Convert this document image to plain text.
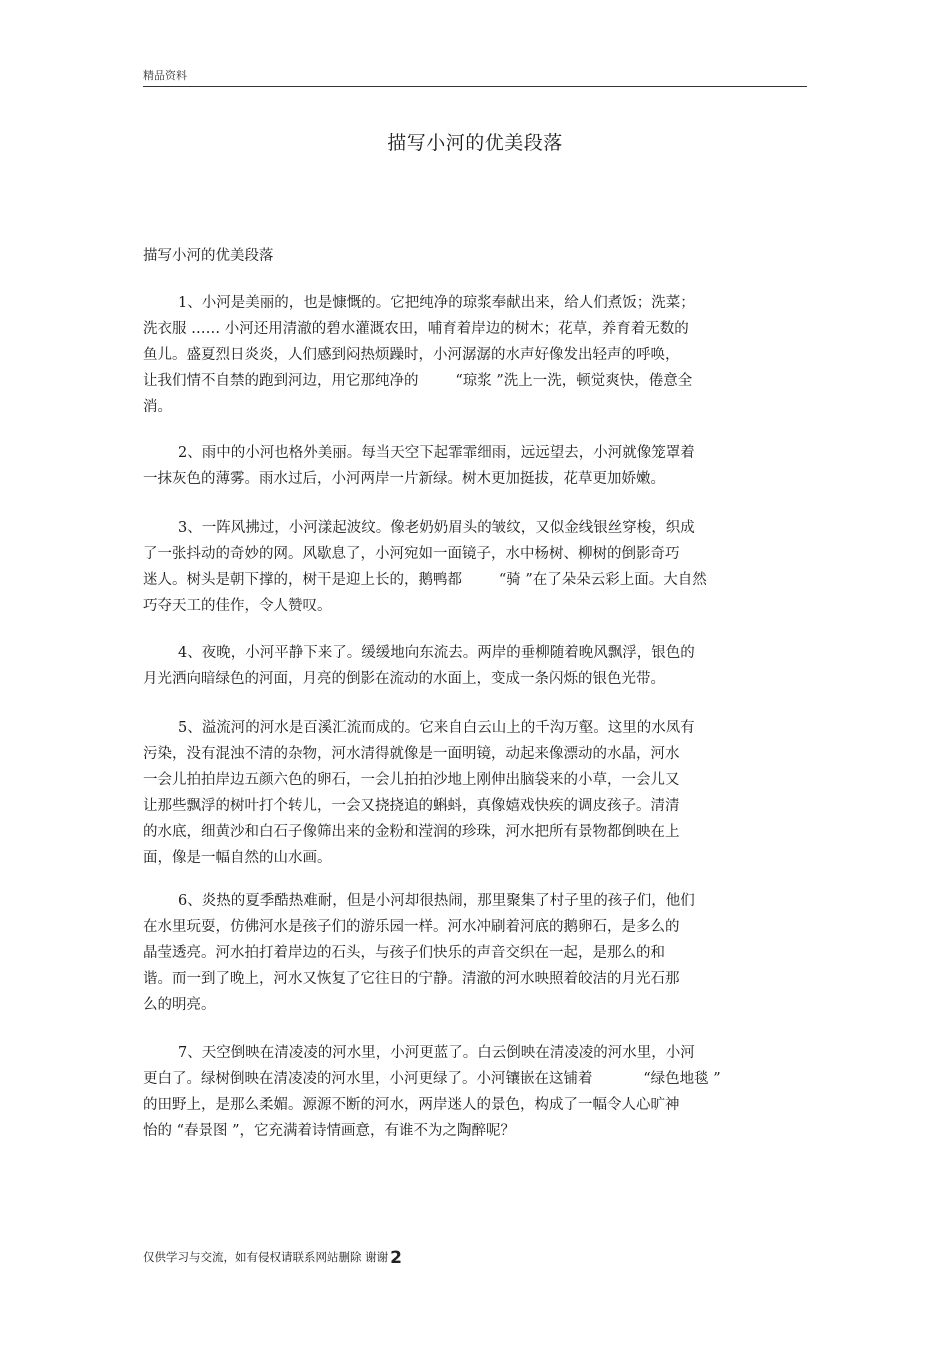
精品资料
描写小河的优美段落
描写小河的优美段落
1、小河是美丽的，也是慷慨的。它把纯净的琼浆奉献出来，给人们煮饭；洗菜；
洗衣服 …… 小河还用清澈的碧水灌溉农田，哺育着岸边的树木；花草，养育着无数的
鱼儿。盛夏烈日炎炎，人们感到闷热烦躁时，小河潺潺的水声好像发出轻声的呼唤，
让我们情不自禁的跑到河边，用它那纯净的        “琼浆 ”洗上一洗，顿觉爽快，倦意全
消。
2、雨中的小河也格外美丽。每当天空下起霏霏细雨，远远望去，小河就像笼罩着
一抹灰色的薄雾。雨水过后，小河两岸一片新绿。树木更加挺拔，花草更加娇嫩。
3、一阵风拂过，小河漾起波纹。像老奶奶眉头的皱纹，又似金线银丝穿梭，织成
了一张抖动的奇妙的网。风歇息了，小河宛如一面镜子，水中杨树、柳树的倒影奇巧
迷人。树头是朝下撑的，树干是迎上长的，鹅鸭都        “骑 ”在了朵朵云彩上面。大自然
巧夺天工的佳作，令人赞叹。
4、夜晚，小河平静下来了。缓缓地向东流去。两岸的垂柳随着晚风飘浮，银色的
月光洒向暗绿色的河面，月亮的倒影在流动的水面上，变成一条闪烁的银色光带。
5、溢流河的河水是百溪汇流而成的。它来自白云山上的千沟万壑。这里的水凤有
污染，没有混浊不清的杂物，河水清得就像是一面明镜，动起来像漂动的水晶，河水
一会儿拍拍岸边五颜六色的卵石，一会儿拍拍沙地上刚伸出脑袋来的小草，一会儿又
让那些飘浮的树叶打个转儿，一会又挠挠追的蝌蚪，真像嬉戏快疾的调皮孩子。清清
的水底，细黄沙和白石子像筛出来的金粉和滢润的珍珠，河水把所有景物都倒映在上
面，像是一幅自然的山水画。
6、炎热的夏季酷热难耐，但是小河却很热闹，那里聚集了村子里的孩子们，他们
在水里玩耍，仿佛河水是孩子们的游乐园一样。河水冲刷着河底的鹅卵石，是多么的
晶莹透亮。河水拍打着岸边的石头，与孩子们快乐的声音交织在一起，是那么的和
谐。而一到了晚上，河水又恢复了它往日的宁静。清澈的河水映照着皎洁的月光石那
么的明亮。
7、天空倒映在清凌凌的河水里，小河更蓝了。白云倒映在清凌凌的河水里，小河
更白了。绿树倒映在清凌凌的河水里，小河更绿了。小河镶嵌在这铺着           “绿色地毯 ”
的田野上，是那么柔媚。源源不断的河水，两岸迷人的景色，构成了一幅令人心旷神
怡的 “春景图 ”，它充满着诗情画意，有谁不为之陶醉呢？
仅供学习与交流，如有侵权请联系网站删除 谢谢 2
